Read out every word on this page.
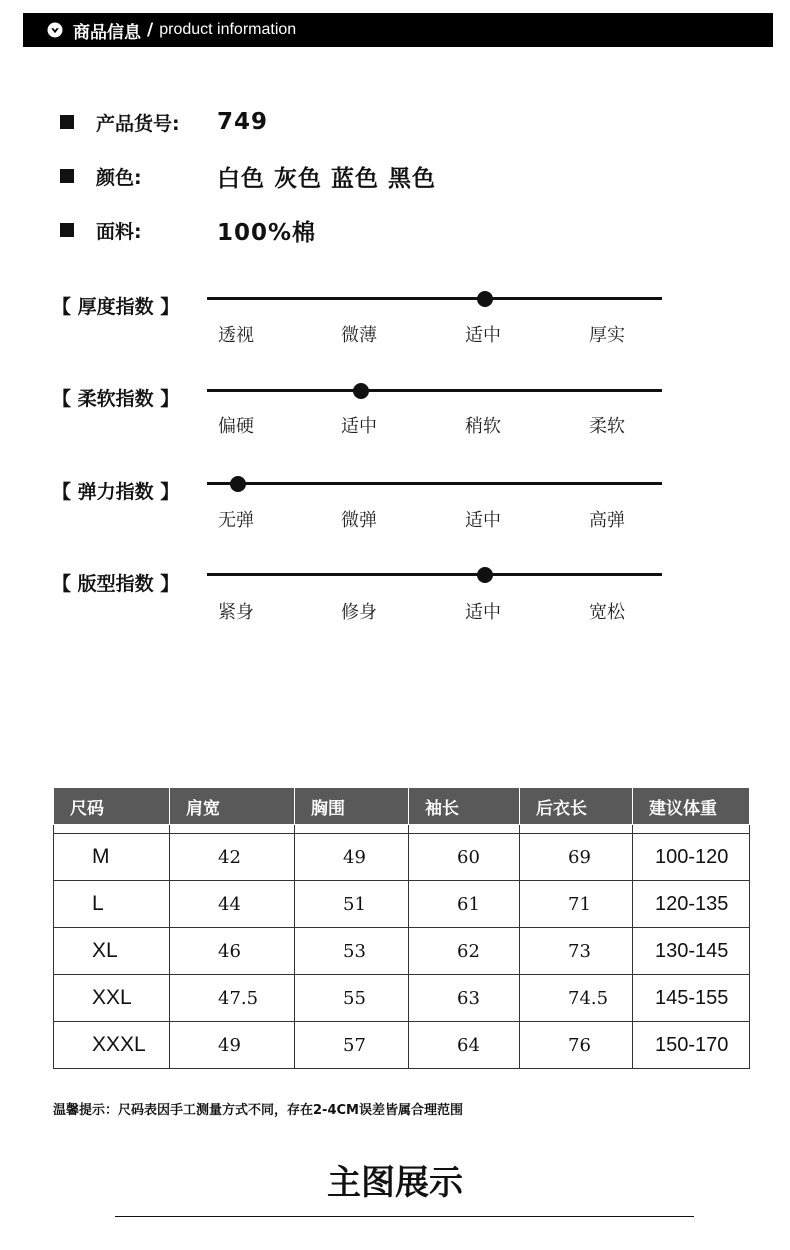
商品信息 / product information
产品货号: 749
颜色:	白色 灰色 蓝色 黑色
面料:	100%棉
【 厚度指数 】
透视	微薄	适中	厚实
【 柔软指数 】
偏硬	适中	稍软	柔软
【 弹力指数 】
无弹	微弹	适中	高弹
【 版型指数 】
紧身	修身	适中	宽松
尺码	肩宽	胸围	袖长	后衣长	建议体重

M	42	49	60	69	100-120
L	44	51	61	71	120-135
XL	46	53	62	73	130-145
XXL	47.5	55	63	74.5	145-155
XXXL	49	57	64	76	150-170
温馨提示：尺码表因手工测量方式不同，存在2-4CM误差皆属合理范围
主图展示
